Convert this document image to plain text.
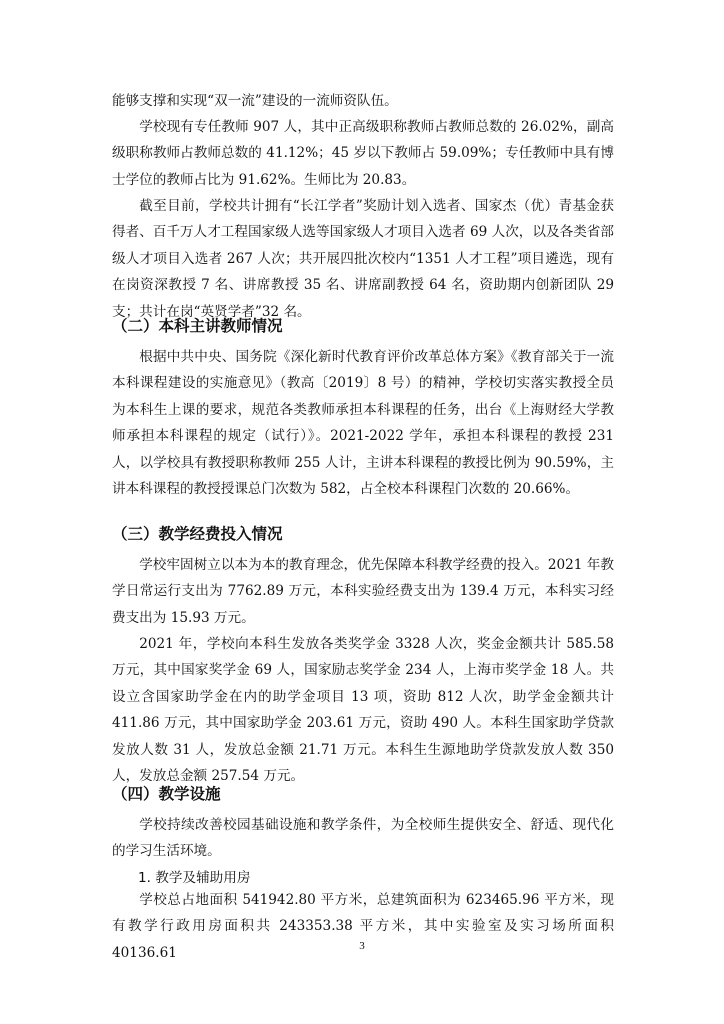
能够支撑和实现“双一流”建设的一流师资队伍。

学校现有专任教师 907 人，其中正高级职称教师占教师总数的 26.02%，副高级职称教师占教师总数的 41.12%；45 岁以下教师占 59.09%；专任教师中具有博士学位的教师占比为 91.62%。生师比为 20.83。

截至目前，学校共计拥有“长江学者”奖励计划入选者、国家杰（优）青基金获得者、百千万人才工程国家级人选等国家级人才项目入选者 69 人次，以及各类省部级人才项目入选者 267 人次；共开展四批次校内“1351 人才工程”项目遴选，现有在岗资深教授 7 名、讲席教授 35 名、讲席副教授 64 名，资助期内创新团队 29 支；共计在岗“英贤学者”32 名。

（二）本科主讲教师情况

根据中共中央、国务院《深化新时代教育评价改革总体方案》《教育部关于一流本科课程建设的实施意见》（教高〔2019〕8 号）的精神，学校切实落实教授全员为本科生上课的要求，规范各类教师承担本科课程的任务，出台《上海财经大学教师承担本科课程的规定（试行）》。2021-2022 学年，承担本科课程的教授 231 人，以学校具有教授职称教师 255 人计，主讲本科课程的教授比例为 90.59%，主讲本科课程的教授授课总门次数为 582，占全校本科课程门次数的 20.66%。

（三）教学经费投入情况

学校牢固树立以本为本的教育理念，优先保障本科教学经费的投入。2021 年教学日常运行支出为 7762.89 万元，本科实验经费支出为 139.4 万元，本科实习经费支出为 15.93 万元。

2021 年，学校向本科生发放各类奖学金 3328 人次，奖金金额共计 585.58 万元，其中国家奖学金 69 人，国家励志奖学金 234 人，上海市奖学金 18 人。共设立含国家助学金在内的助学金项目 13 项，资助 812 人次，助学金金额共计 411.86 万元，其中国家助学金 203.61 万元，资助 490 人。本科生国家助学贷款发放人数 31 人，发放总金额 21.71 万元。本科生生源地助学贷款发放人数 350 人，发放总金额 257.54 万元。

（四）教学设施

学校持续改善校园基础设施和教学条件，为全校师生提供安全、舒适、现代化的学习生活环境。

1. 教学及辅助用房

学校总占地面积 541942.80 平方米，总建筑面积为 623465.96 平方米，现有教学行政用房面积共 243353.38 平方米，其中实验室及实习场所面积 40136.61	3
